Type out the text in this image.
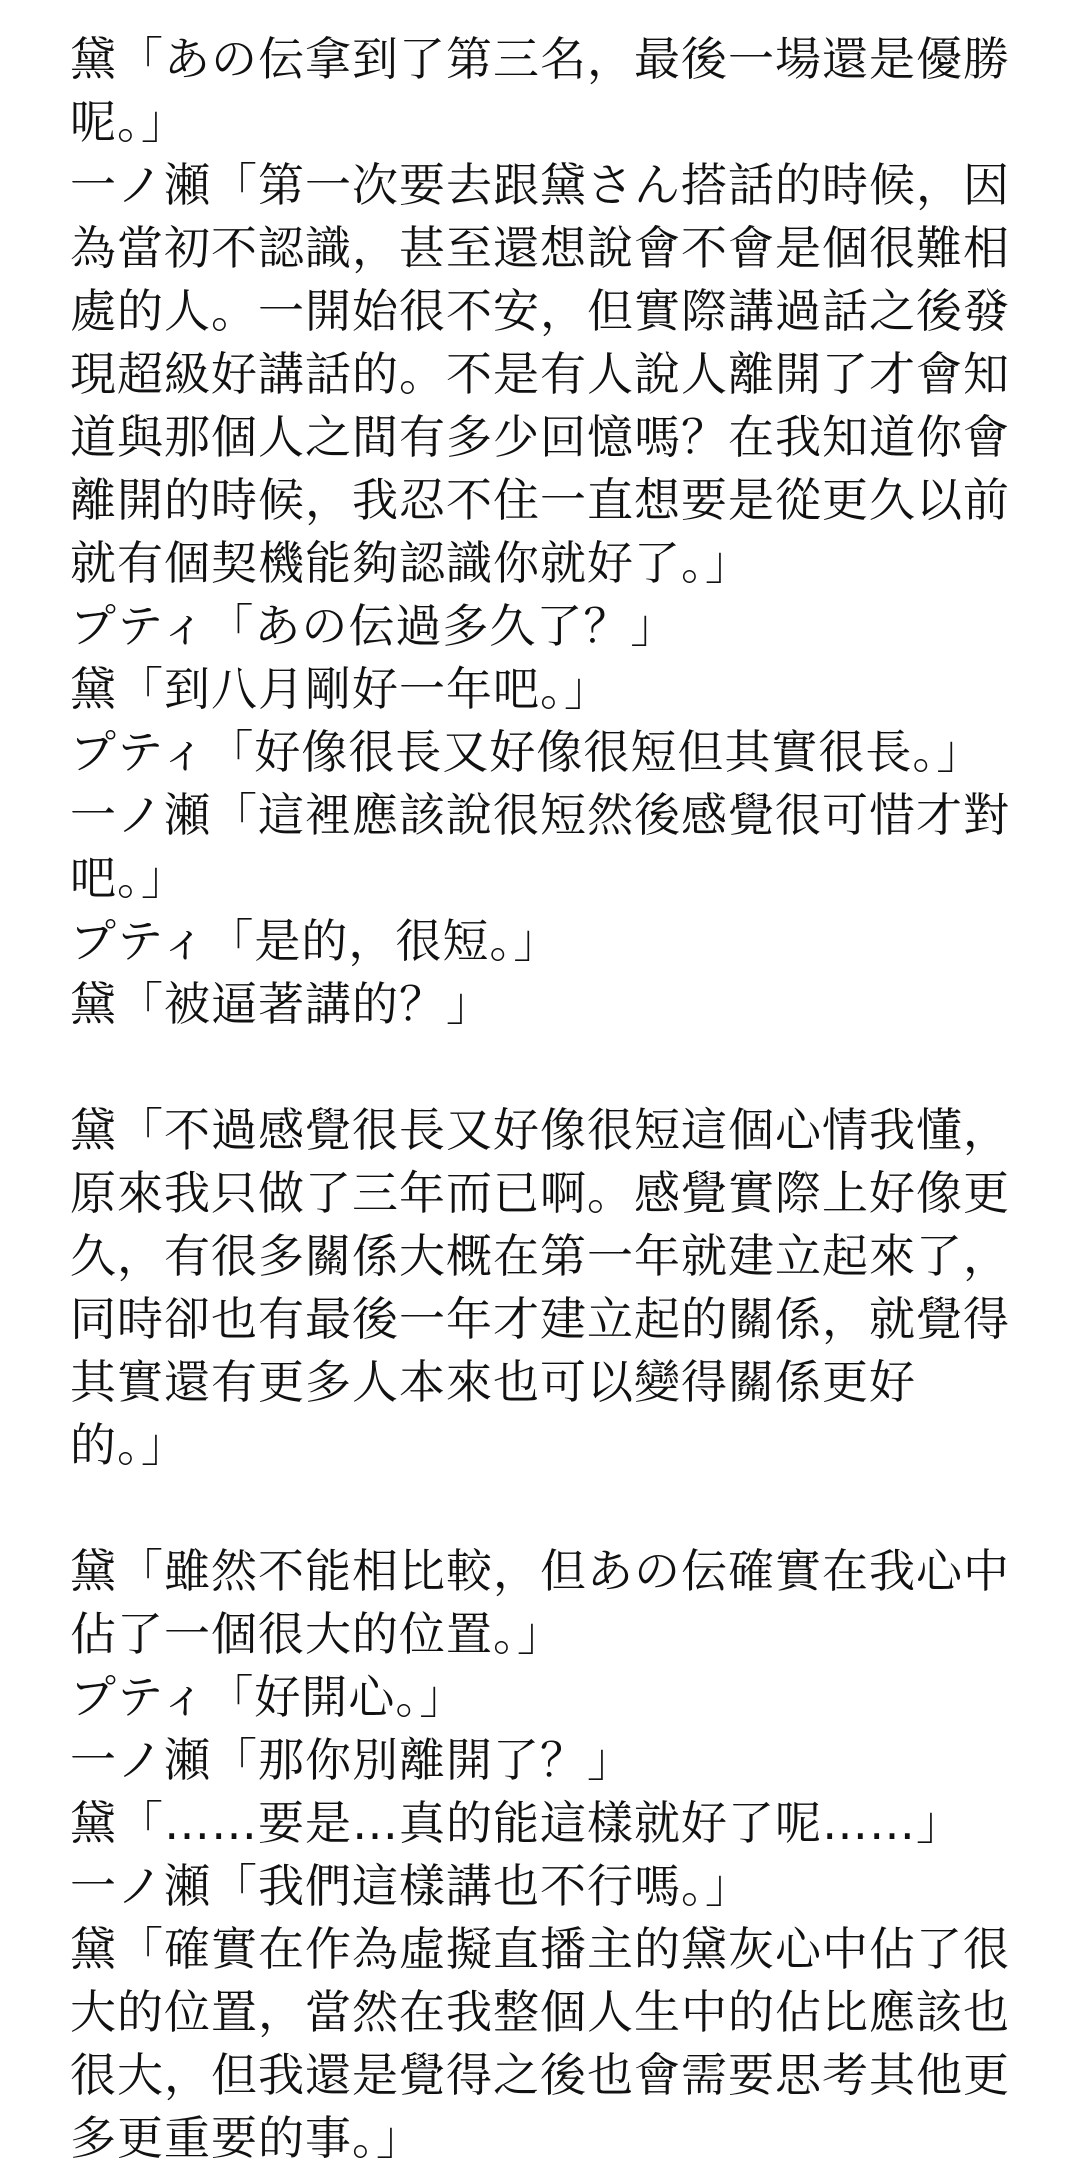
黛「あの伝拿到了第三名，最後一場還是優勝
呢。」
一ノ瀬「第一次要去跟黛さん搭話的時候，因
為當初不認識，甚至還想說會不會是個很難相
處的人。一開始很不安，但實際講過話之後發
現超級好講話的。不是有人說人離開了才會知
道與那個人之間有多少回憶嗎？在我知道你會
離開的時候，我忍不住一直想要是從更久以前
就有個契機能夠認識你就好了。」
プティ「あの伝過多久了？」
黛「到八月剛好一年吧。」
プティ「好像很長又好像很短但其實很長。」
一ノ瀬「這裡應該說很短然後感覺很可惜才對
吧。」
プティ「是的，很短。」
黛「被逼著講的？」
黛「不過感覺很長又好像很短這個心情我懂，
原來我只做了三年而已啊。感覺實際上好像更
久，有很多關係大概在第一年就建立起來了，
同時卻也有最後一年才建立起的關係，就覺得
其實還有更多人本來也可以變得關係更好
的。」
黛「雖然不能相比較，但あの伝確實在我心中
佔了一個很大的位置。」
プティ「好開心。」
一ノ瀬「那你別離開了？」
黛「……要是…真的能這樣就好了呢……」
一ノ瀬「我們這樣講也不行嗎。」
黛「確實在作為虛擬直播主的黛灰心中佔了很
大的位置，當然在我整個人生中的佔比應該也
很大，但我還是覺得之後也會需要思考其他更
多更重要的事。」
